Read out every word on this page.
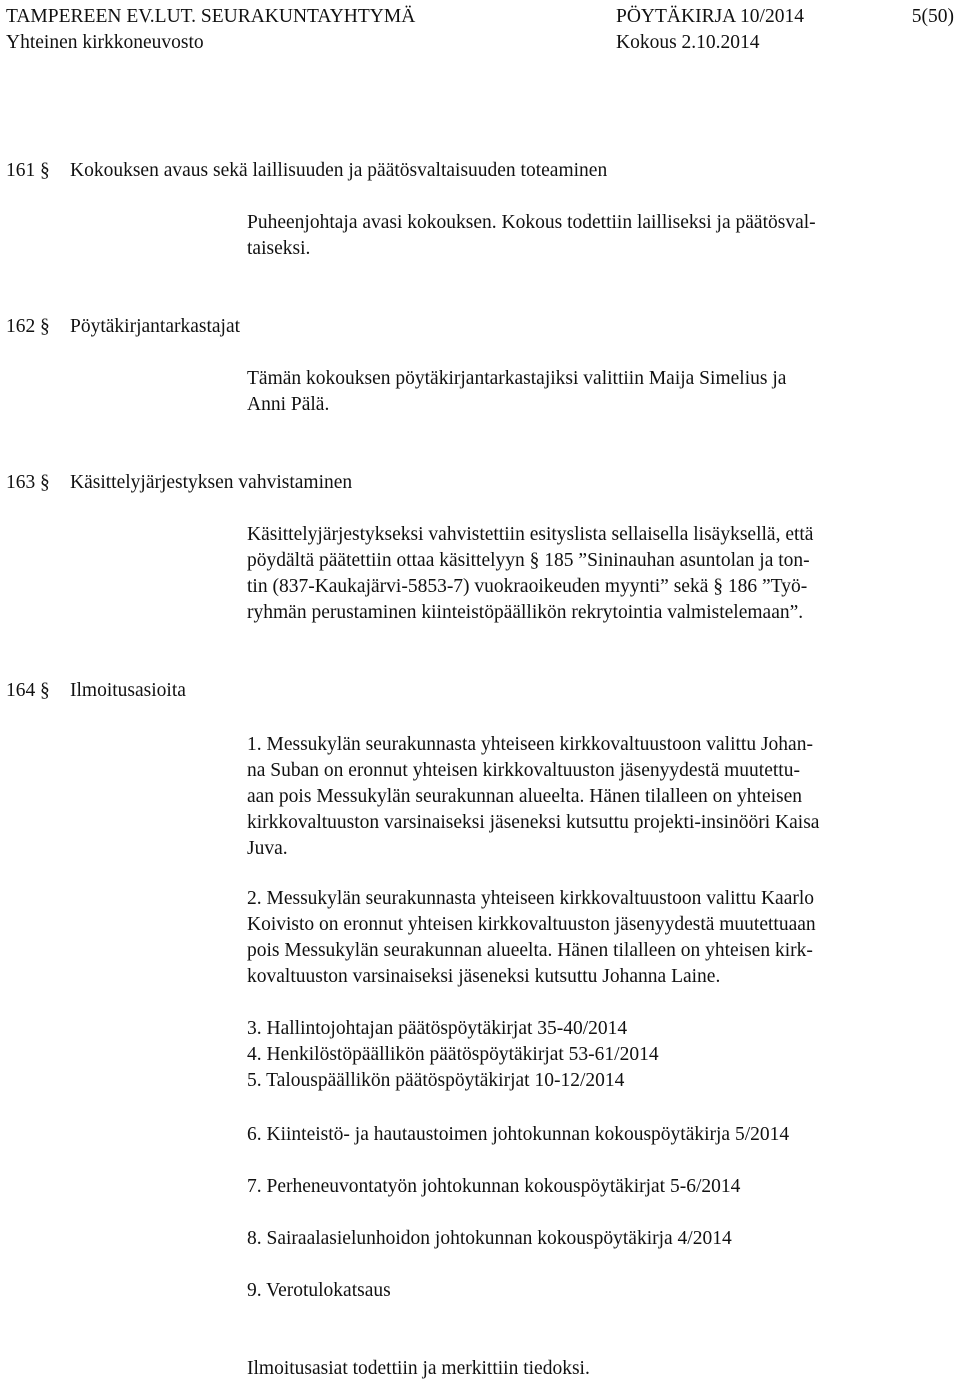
TAMPEREEN EV.LUT. SEURAKUNTAYHTYMÄ	PÖYTÄKIRJA 10/2014	5(50)
Yhteinen kirkkoneuvosto	Kokous 2.10.2014
161 § Kokouksen avaus sekä laillisuuden ja päätösvaltaisuuden toteaminen

Puheenjohtaja avasi kokouksen. Kokous todettiin lailliseksi ja päätösval-

taiseksi.

162 § Pöytäkirjantarkastajat

Tämän kokouksen pöytäkirjantarkastajiksi valittiin Maija Simelius ja

Anni Pälä.

163 § Käsittelyjärjestyksen vahvistaminen

Käsittelyjärjestykseksi vahvistettiin esityslista sellaisella lisäyksellä, että

pöydältä päätettiin ottaa käsittelyyn § 185 ”Sininauhan asuntolan ja ton-

tin (837-Kaukajärvi-5853-7) vuokraoikeuden myynti” sekä § 186 ”Työ-

ryhmän perustaminen kiinteistöpäällikön rekrytointia valmistelemaan”.

164 § Ilmoitusasioita

1. Messukylän seurakunnasta yhteiseen kirkkovaltuustoon valittu Johan-

na Suban on eronnut yhteisen kirkkovaltuuston jäsenyydestä muutettu-

aan pois Messukylän seurakunnan alueelta. Hänen tilalleen on yhteisen

kirkkovaltuuston varsinaiseksi jäseneksi kutsuttu projekti-insinööri Kaisa

Juva.

2. Messukylän seurakunnasta yhteiseen kirkkovaltuustoon valittu Kaarlo

Koivisto on eronnut yhteisen kirkkovaltuuston jäsenyydestä muutettuaan

pois Messukylän seurakunnan alueelta. Hänen tilalleen on yhteisen kirk-

kovaltuuston varsinaiseksi jäseneksi kutsuttu Johanna Laine.

3. Hallintojohtajan päätöspöytäkirjat 35-40/2014

4. Henkilöstöpäällikön päätöspöytäkirjat 53-61/2014

5. Talouspäällikön päätöspöytäkirjat 10-12/2014

6. Kiinteistö- ja hautaustoimen johtokunnan kokouspöytäkirja 5/2014

7. Perheneuvontatyön johtokunnan kokouspöytäkirjat 5-6/2014

8. Sairaalasielunhoidon johtokunnan kokouspöytäkirja 4/2014

9. Verotulokatsaus

Ilmoitusasiat todettiin ja merkittiin tiedoksi.
